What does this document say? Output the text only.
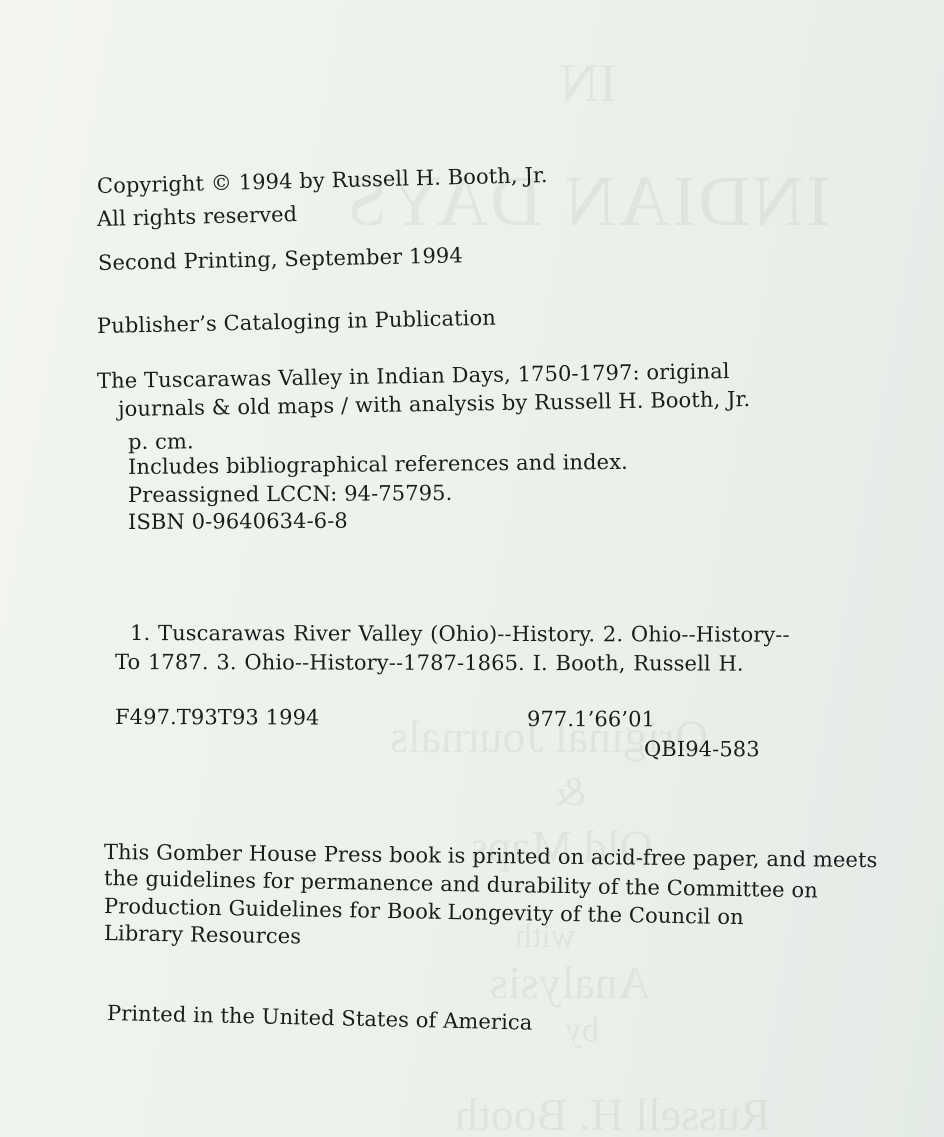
Copyright © 1994 by Russell H. Booth, Jr.
All rights reserved
Second Printing, September 1994
Publisher’s Cataloging in Publication
The Tuscarawas Valley in Indian Days, 1750-1797: original
journals & old maps / with analysis by Russell H. Booth, Jr.
p. cm.
Includes bibliographical references and index.
Preassigned LCCN: 94-75795.
ISBN 0-9640634-6-8
1. Tuscarawas River Valley (Ohio)--History. 2. Ohio--History--
To 1787. 3. Ohio--History--1787-1865. I. Booth, Russell H.
F497.T93T93 1994	977.1’66’01
QBI94-583
This Gomber House Press book is printed on acid-free paper, and meets
the guidelines for permanence and durability of the Committee on
Production Guidelines for Book Longevity of the Council on
Library Resources
Printed in the United States of America
